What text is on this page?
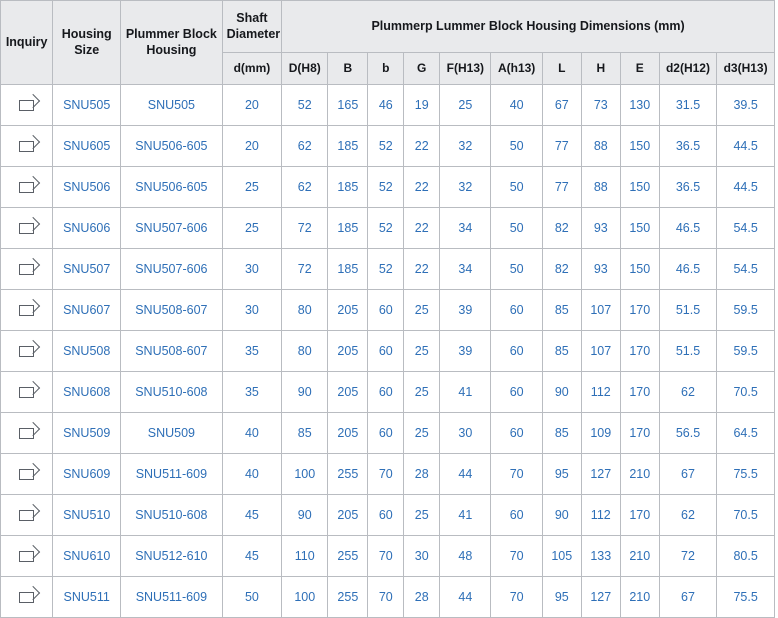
Inquiry	Housing Size	Plummer Block Housing	Shaft Diameter	Plummerp Lummer Block Housing Dimensions (mm)										
			d(mm)	D(H8)	B	b	G	F(H13)	A(h13)	L	H	E	d2(H12)	d3(H13)
	SNU505	SNU505	20	52	165	46	19	25	40	67	73	130	31.5	39.5
	SNU605	SNU506-605	20	62	185	52	22	32	50	77	88	150	36.5	44.5
	SNU506	SNU506-605	25	62	185	52	22	32	50	77	88	150	36.5	44.5
	SNU606	SNU507-606	25	72	185	52	22	34	50	82	93	150	46.5	54.5
	SNU507	SNU507-606	30	72	185	52	22	34	50	82	93	150	46.5	54.5
	SNU607	SNU508-607	30	80	205	60	25	39	60	85	107	170	51.5	59.5
	SNU508	SNU508-607	35	80	205	60	25	39	60	85	107	170	51.5	59.5
	SNU608	SNU510-608	35	90	205	60	25	41	60	90	112	170	62	70.5
	SNU509	SNU509	40	85	205	60	25	30	60	85	109	170	56.5	64.5
	SNU609	SNU511-609	40	100	255	70	28	44	70	95	127	210	67	75.5
	SNU510	SNU510-608	45	90	205	60	25	41	60	90	112	170	62	70.5
	SNU610	SNU512-610	45	110	255	70	30	48	70	105	133	210	72	80.5
	SNU511	SNU511-609	50	100	255	70	28	44	70	95	127	210	67	75.5
